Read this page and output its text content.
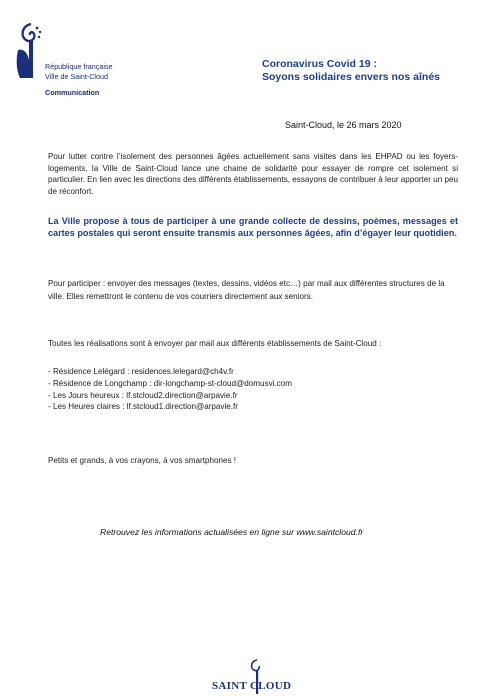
République française
Ville de Saint-Cloud
Communication
Coronavirus Covid 19 :
Soyons solidaires envers nos aînés
Saint-Cloud, le 26 mars 2020
Pour lutter contre l’isolement des personnes âgées actuellement sans visites dans les EHPAD ou les foyers-logements, la Ville de Saint-Cloud lance une chaine de solidarité pour essayer de rompre cet isolement si particulier. En lien avec les directions des différents établissements, essayons de contribuer à leur apporter un peu de réconfort.
La Ville propose à tous de participer à une grande collecte de dessins, poèmes, messages et cartes postales qui seront ensuite transmis aux personnes âgées, afin d’égayer leur quotidien.
Pour participer : envoyer des messages (textes, dessins, vidéos etc…) par mail aux différentes structures de la ville. Elles remettront le contenu de vos courriers directement aux seniors.
Toutes les réalisations sont à envoyer par mail aux différents établissements de Saint-Cloud :
- Résidence Lelégard : residences.lelegard@ch4v.fr
- Résidence de Longchamp : dir-longchamp-st-cloud@domusvi.com
- Les Jours heureux : lf.stcloud2.direction@arpavie.fr
- Les Heures claires : lf.stcloud1.direction@arpavie.fr
Petits et grands, à vos crayons, à vos smartphones !
Retrouvez les informations actualisées en ligne sur www.saintcloud.fr
SAINT CLOUD
